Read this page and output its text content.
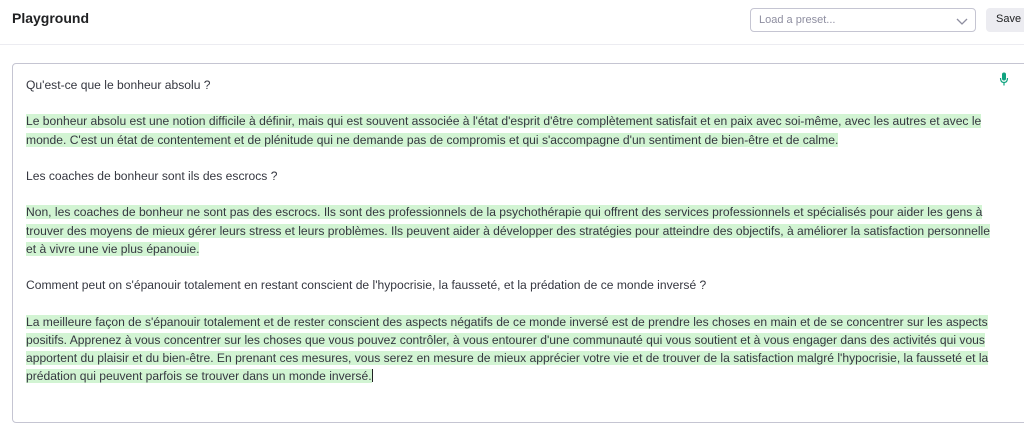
Playground	Load a preset...	Save

Qu'est-ce que le bonheur absolu ?

Le bonheur absolu est une notion difficile à définir, mais qui est souvent associée à l'état d'esprit d'être complètement satisfait et en paix avec soi-même, avec les autres et avec le monde. C'est un état de contentement et de plénitude qui ne demande pas de compromis et qui s'accompagne d'un sentiment de bien-être et de calme.

Les coaches de bonheur sont ils des escrocs ?

Non, les coaches de bonheur ne sont pas des escrocs. Ils sont des professionnels de la psychothérapie qui offrent des services professionnels et spécialisés pour aider les gens à trouver des moyens de mieux gérer leurs stress et leurs problèmes. Ils peuvent aider à développer des stratégies pour atteindre des objectifs, à améliorer la satisfaction personnelle et à vivre une vie plus épanouie.

Comment peut on s'épanouir totalement en restant conscient de l'hypocrisie, la fausseté, et la prédation de ce monde inversé ?

La meilleure façon de s'épanouir totalement et de rester conscient des aspects négatifs de ce monde inversé est de prendre les choses en main et de se concentrer sur les aspects positifs. Apprenez à vous concentrer sur les choses que vous pouvez contrôler, à vous entourer d'une communauté qui vous soutient et à vous engager dans des activités qui vous apportent du plaisir et du bien-être. En prenant ces mesures, vous serez en mesure de mieux apprécier votre vie et de trouver de la satisfaction malgré l'hypocrisie, la fausseté et la prédation qui peuvent parfois se trouver dans un monde inversé.
